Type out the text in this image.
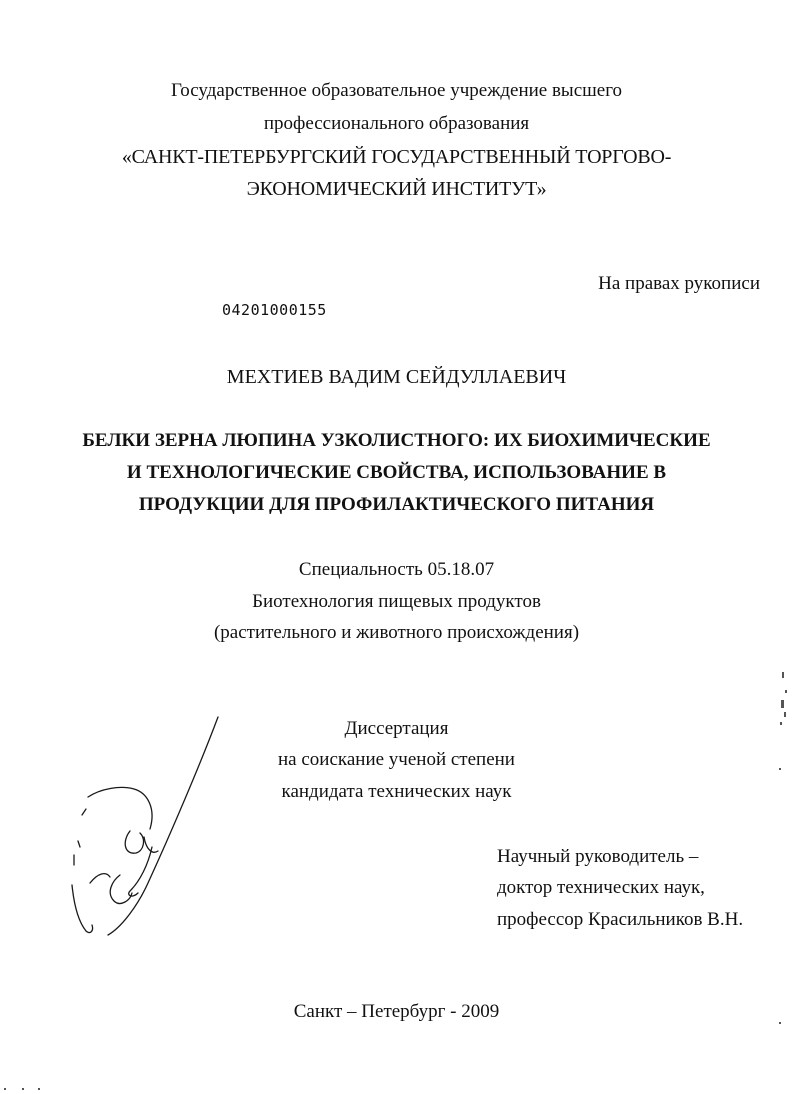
Государственное образовательное учреждение высшего
профессионального образования
«САНКТ-ПЕТЕРБУРГСКИЙ ГОСУДАРСТВЕННЫЙ ТОРГОВО-
ЭКОНОМИЧЕСКИЙ ИНСТИТУТ»
На правах рукописи
04201000155
МЕХТИЕВ ВАДИМ СЕЙДУЛЛАЕВИЧ
БЕЛКИ ЗЕРНА ЛЮПИНА УЗКОЛИСТНОГО: ИХ БИОХИМИЧЕСКИЕ
И ТЕХНОЛОГИЧЕСКИЕ СВОЙСТВА, ИСПОЛЬЗОВАНИЕ В
ПРОДУКЦИИ ДЛЯ ПРОФИЛАКТИЧЕСКОГО ПИТАНИЯ
Специальность 05.18.07
Биотехнология пищевых продуктов
(растительного и животного происхождения)
Диссертация
на соискание ученой степени
кандидата технических наук
Научный руководитель –
доктор технических наук,
профессор Красильников В.Н.
Санкт – Петербург - 2009
